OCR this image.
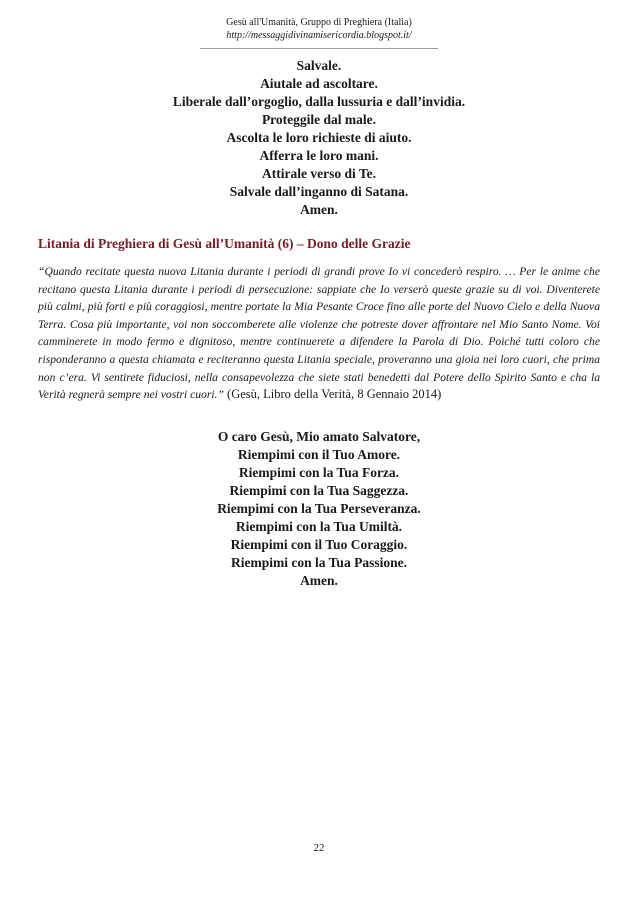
Gesù all'Umanità, Gruppo di Preghiera (Italia)
http://messaggidivinamisericordia.blogspot.it/
Salvale.
Aiutale ad ascoltare.
Liberale dall’orgoglio, dalla lussuria e dall’invidia.
Proteggile dal male.
Ascolta le loro richieste di aiuto.
Afferra le loro mani.
Attirale verso di Te.
Salvale dall’inganno di Satana.
Amen.
Litania di Preghiera di Gesù all’Umanità (6) – Dono delle Grazie
“Quando recitate questa nuova Litania durante i periodi di grandi prove Io vi concederò respiro. … Per le anime che recitano questa Litania durante i periodi di persecuzione: sappiate che Io verserò queste grazie su di voi. Diventerete più calmi, più forti e più coraggiosi, mentre portate la Mia Pesante Croce fino alle porte del Nuovo Cielo e della Nuova Terra. Cosa più importante, voi non soccomberete alle violenze che potreste dover affrontare nel Mio Santo Nome. Voi camminerete in modo fermo e dignitoso, mentre continuerete a difendere la Parola di Dio. Poiché tutti coloro che risponderanno a questa chiamata e reciteranno questa Litania speciale, proveranno una gioia nei loro cuori, che prima non c’era. Vi sentirete fiduciosi, nella consapevolezza che siete stati benedetti dal Potere dello Spirito Santo e cha la Verità regnerà sempre nei vostri cuori.” (Gesù, Libro della Verità, 8 Gennaio 2014)
O caro Gesù, Mio amato Salvatore,
Riempimi con il Tuo Amore.
Riempimi con la Tua Forza.
Riempimi con la Tua Saggezza.
Riempimi con la Tua Perseveranza.
Riempimi con la Tua Umiltà.
Riempimi con il Tuo Coraggio.
Riempimi con la Tua Passione.
Amen.
22
